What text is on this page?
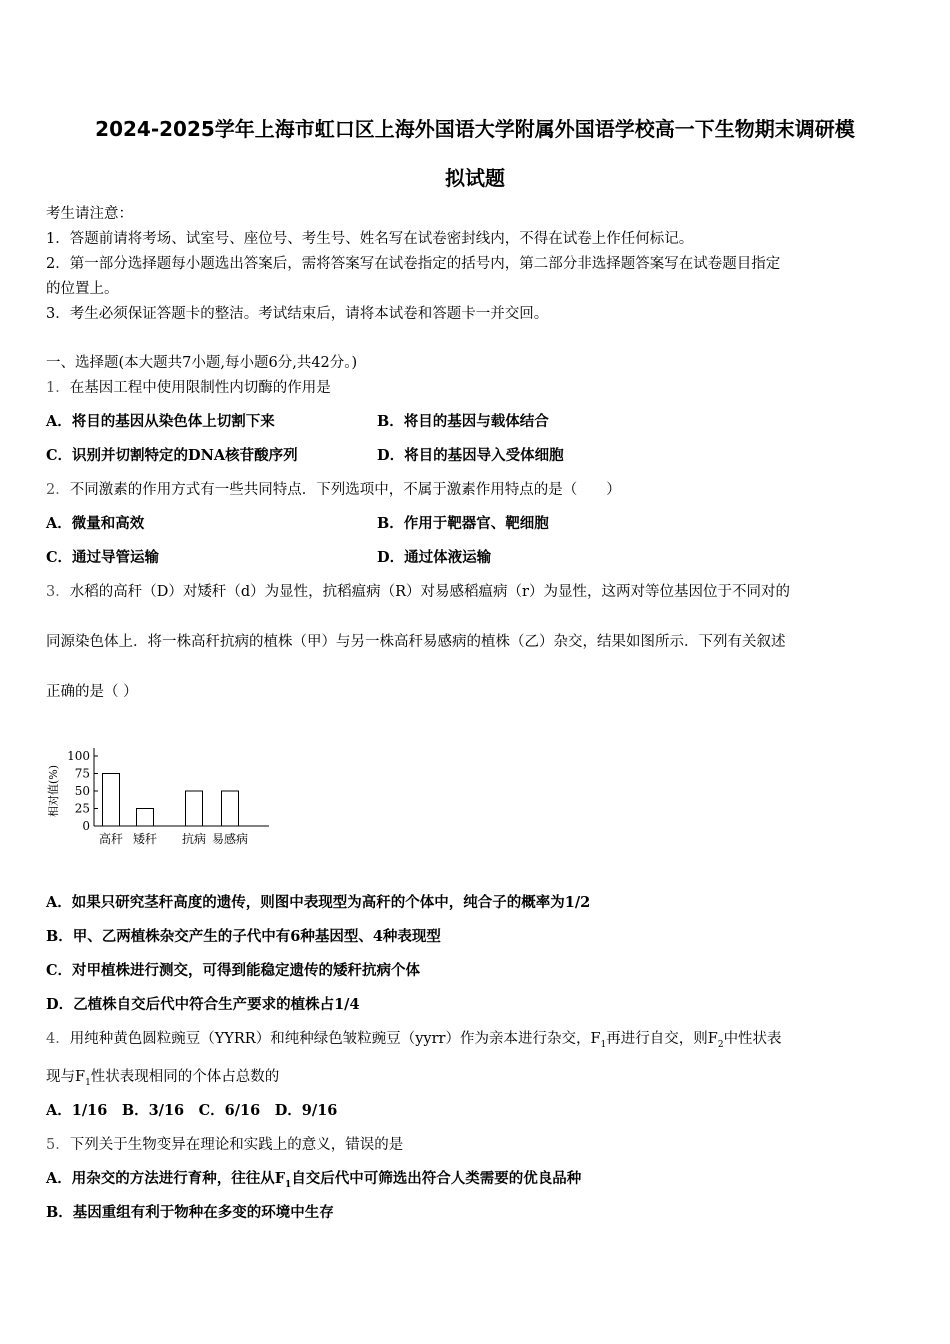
2024-2025学年上海市虹口区上海外国语大学附属外国语学校高一下生物期末调研模
拟试题
考生请注意：
1．答题前请将考场、试室号、座位号、考生号、姓名写在试卷密封线内，不得在试卷上作任何标记。
2．第一部分选择题每小题选出答案后，需将答案写在试卷指定的括号内，第二部分非选择题答案写在试卷题目指定
的位置上。
3．考生必须保证答题卡的整洁。考试结束后，请将本试卷和答题卡一并交回。
一、选择题(本大题共7小题,每小题6分,共42分。)
1．在基因工程中使用限制性内切酶的作用是
A．将目的基因从染色体上切割下来	B．将目的基因与载体结合
C．识别并切割特定的DNA核苷酸序列	D．将目的基因导入受体细胞
2．不同激素的作用方式有一些共同特点．下列选项中，不属于激素作用特点的是（　　）
A．微量和高效	B．作用于靶器官、靶细胞
C．通过导管运输	D．通过体液运输
3．水稻的高秆（D）对矮秆（d）为显性，抗稻瘟病（R）对易感稻瘟病（r）为显性，这两对等位基因位于不同对的
同源染色体上．将一株高秆抗病的植株（甲）与另一株高秆易感病的植株（乙）杂交，结果如图所示．下列有关叙述
正确的是（ ）
相对值(%)
0
25
50
75
100
高秆 矮秆 抗病 易感病
A．如果只研究茎秆高度的遗传，则图中表现型为高秆的个体中，纯合子的概率为1/2
B．甲、乙两植株杂交产生的子代中有6种基因型、4种表现型
C．对甲植株进行测交，可得到能稳定遗传的矮秆抗病个体
D．乙植株自交后代中符合生产要求的植株占1/4
4．用纯种黄色圆粒豌豆（YYRR）和纯种绿色皱粒豌豆（yyrr）作为亲本进行杂交，$F_1$再进行自交，则$F_2$中性状表
现与$F_1$性状表现相同的个体占总数的
A．1/16　B．3/16　C．6/16　D．9/16
5．下列关于生物变异在理论和实践上的意义，错误的是
A．用杂交的方法进行育种，往往从$F_1$自交后代中可筛选出符合人类需要的优良品种
B．基因重组有利于物种在多变的环境中生存
